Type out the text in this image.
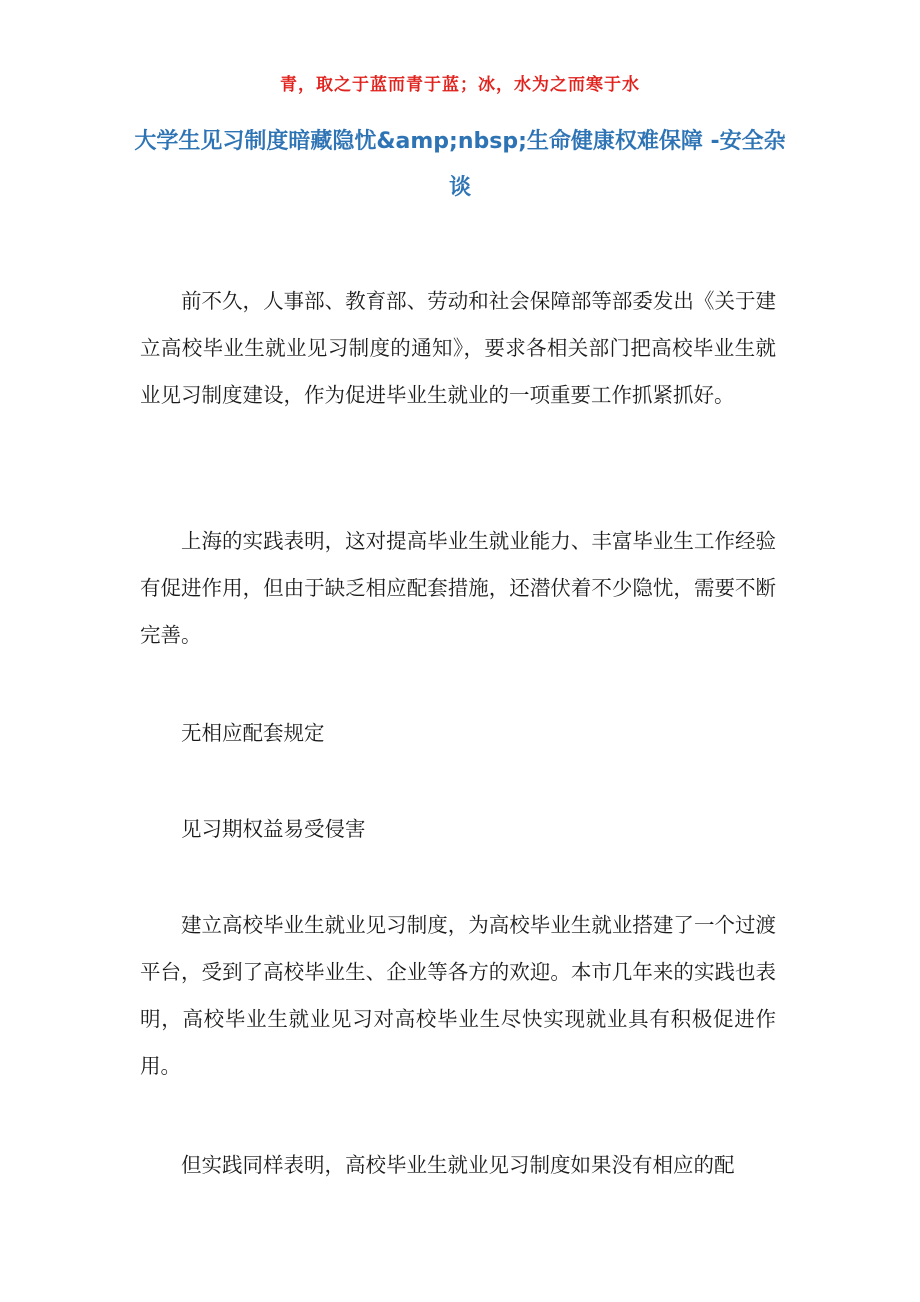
青，取之于蓝而青于蓝；冰，水为之而寒于水
大学生见习制度暗藏隐忧&amp;nbsp;生命健康权难保障 -安全杂谈

前不久，人事部、教育部、劳动和社会保障部等部委发出《关于建立高校毕业生就业见习制度的通知》，要求各相关部门把高校毕业生就业见习制度建设，作为促进毕业生就业的一项重要工作抓紧抓好。

上海的实践表明，这对提高毕业生就业能力、丰富毕业生工作经验有促进作用，但由于缺乏相应配套措施，还潜伏着不少隐忧，需要不断完善。

无相应配套规定

见习期权益易受侵害

建立高校毕业生就业见习制度，为高校毕业生就业搭建了一个过渡平台，受到了高校毕业生、企业等各方的欢迎。本市几年来的实践也表明，高校毕业生就业见习对高校毕业生尽快实现就业具有积极促进作用。

但实践同样表明，高校毕业生就业见习制度如果没有相应的配
